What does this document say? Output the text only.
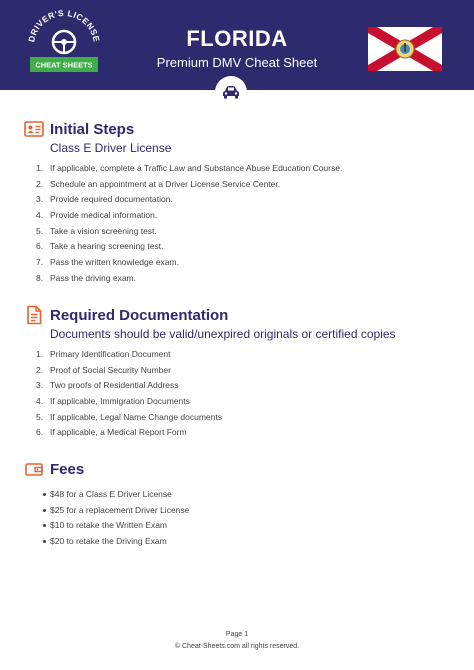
DRIVER'S LICENSE
CHEAT SHEETS
FLORIDA
Premium DMV Cheat Sheet
Initial Steps
Class E Driver License
1. If applicable, complete a Traffic Law and Substance Abuse Education Course.
2. Schedule an appointment at a Driver License Service Center.
3. Provide required documentation.
4. Provide medical information.
5. Take a vision screening test.
6. Take a hearing screening test.
7. Pass the written knowledge exam.
8. Pass the driving exam.
Required Documentation
Documents should be valid/unexpired originals or certified copies
1. Primary Identification Document
2. Proof of Social Security Number
3. Two proofs of Residential Address
4. If applicable, Immigration Documents
5. If applicable, Legal Name Change documents
6. If applicable, a Medical Report Form
Fees
$48 for a Class E Driver License
$25 for a replacement Driver License
$10 to retake the Written Exam
$20 to retake the Driving Exam
Page 1
© Cheat-Sheets.com all rights reserved.
